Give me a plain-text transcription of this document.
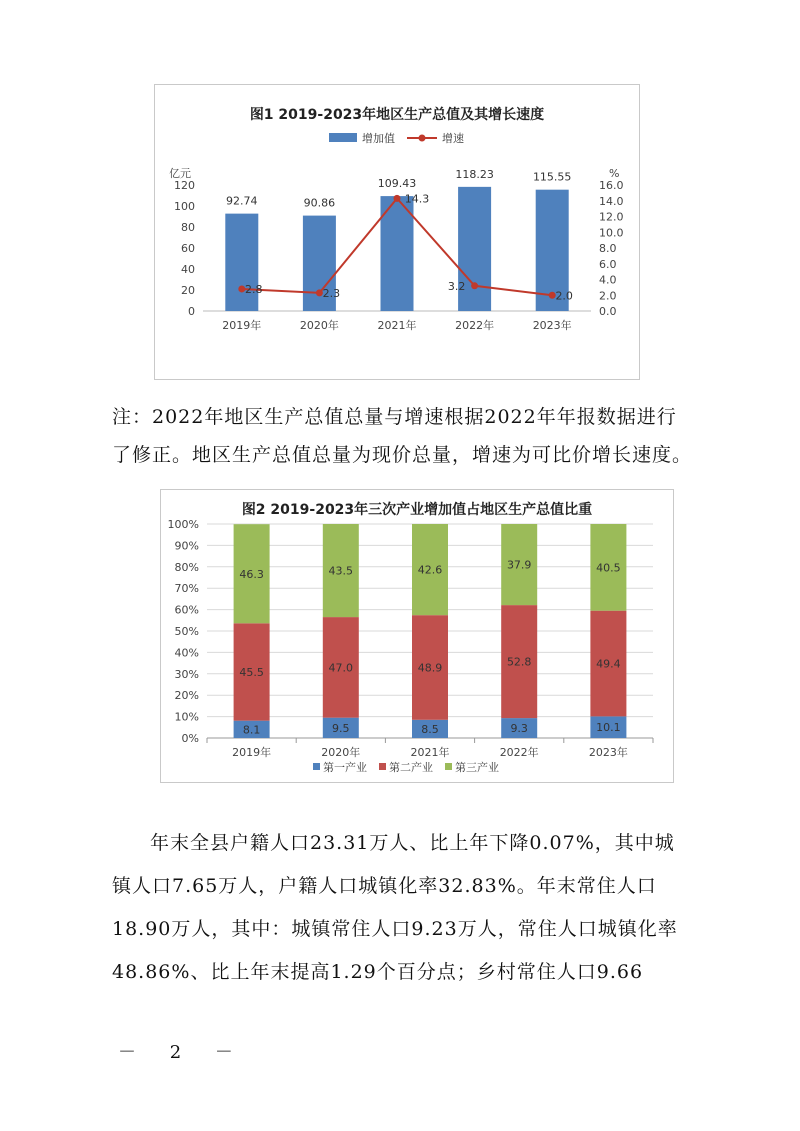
图1 2019-2023年地区生产总值及其增长速度
增加值	增速
亿元	%
0
20
40
60
80
100
120
0.0
2.0
4.0
6.0
8.0
10.0
12.0
14.0
16.0
2019年	2020年	2021年	2022年	2023年
92.74	90.86
109.43
118.23	115.55
2.8	2.3
14.3
3.2
2.0

注：2022年地区生产总值总量与增速根据2022年年报数据进行了修正。地区生产总值总量为现价总量，增速为可比价增长速度。

图2 2019-2023年三次产业增加值占地区生产总值比重
0%
10%
20%
30%
40%
50%
60%
70%
80%
90%
100%
2019年	2020年	2021年	2022年	2023年
8.1
45.5
46.3
9.5
47.0
43.5
8.5
48.9
42.6
9.3
52.8
37.9
10.1
49.4
40.5
第一产业 第二产业 第三产业

年末全县户籍人口23.31万人、比上年下降0.07%，其中城镇人口7.65万人，户籍人口城镇化率32.83%。年末常住人口18.90万人，其中：城镇常住人口9.23万人，常住人口城镇化率48.86%、比上年末提高1.29个百分点；乡村常住人口9.66

－ 2 －
